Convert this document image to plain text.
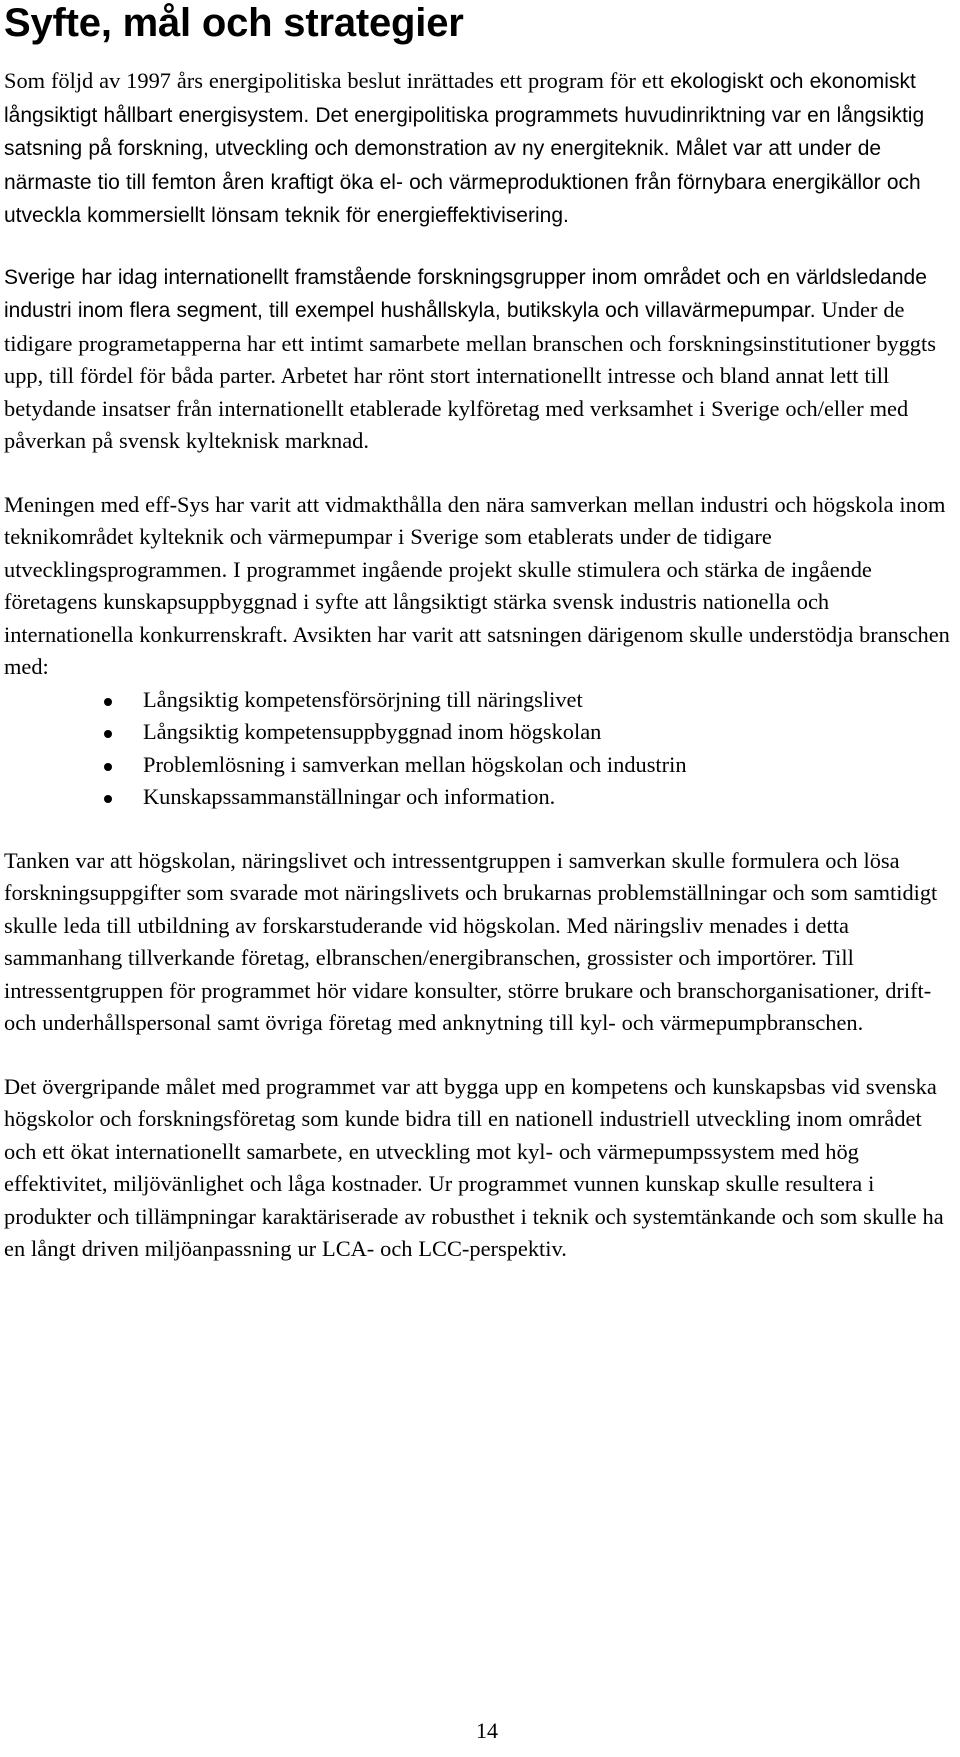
Syfte, mål och strategier

Som följd av 1997 års energipolitiska beslut inrättades ett program för ett ekologiskt och ekonomiskt långsiktigt hållbart energisystem. Det energipolitiska programmets huvudinriktning var en långsiktig satsning på forskning, utveckling och demonstration av ny energiteknik. Målet var att under de närmaste tio till femton åren kraftigt öka el- och värmeproduktionen från förnybara energikällor och utveckla kommersiellt lönsam teknik för energieffektivisering.

Sverige har idag internationellt framstående forskningsgrupper inom området och en världsledande industri inom flera segment, till exempel hushållskyla, butikskyla och villavärmepumpar. Under de tidigare programetapperna har ett intimt samarbete mellan branschen och forskningsinstitutioner byggts upp, till fördel för båda parter. Arbetet har rönt stort internationellt intresse och bland annat lett till betydande insatser från internationellt etablerade kylföretag med verksamhet i Sverige och/eller med påverkan på svensk kylteknisk marknad.

Meningen med eff-Sys har varit att vidmakthålla den nära samverkan mellan industri och högskola inom teknikområdet kylteknik och värmepumpar i Sverige som etablerats under de tidigare utvecklingsprogrammen. I programmet ingående projekt skulle stimulera och stärka de ingående företagens kunskapsuppbyggnad i syfte att långsiktigt stärka svensk industris nationella och internationella konkurrenskraft. Avsikten har varit att satsningen därigenom skulle understödja branschen med:

Långsiktig kompetensförsörjning till näringslivet
Långsiktig kompetensuppbyggnad inom högskolan
Problemlösning i samverkan mellan högskolan och industrin
Kunskapssammanställningar och information.

Tanken var att högskolan, näringslivet och intressentgruppen i samverkan skulle formulera och lösa forskningsuppgifter som svarade mot näringslivets och brukarnas problemställningar och som samtidigt skulle leda till utbildning av forskarstuderande vid högskolan. Med näringsliv menades i detta sammanhang tillverkande företag, elbranschen/energibranschen, grossister och importörer. Till intressentgruppen för programmet hör vidare konsulter, större brukare och branschorganisationer, drift- och underhållspersonal samt övriga företag med anknytning till kyl- och värmepumpbranschen.

Det övergripande målet med programmet var att bygga upp en kompetens och kunskapsbas vid svenska högskolor och forskningsföretag som kunde bidra till en nationell industriell utveckling inom området och ett ökat internationellt samarbete, en utveckling mot kyl- och värmepumpssystem med hög effektivitet, miljövänlighet och låga kostnader. Ur programmet vunnen kunskap skulle resultera i produkter och tillämpningar karaktäriserade av robusthet i teknik och systemtänkande och som skulle ha en långt driven miljöanpassning ur LCA- och LCC-perspektiv.

14
